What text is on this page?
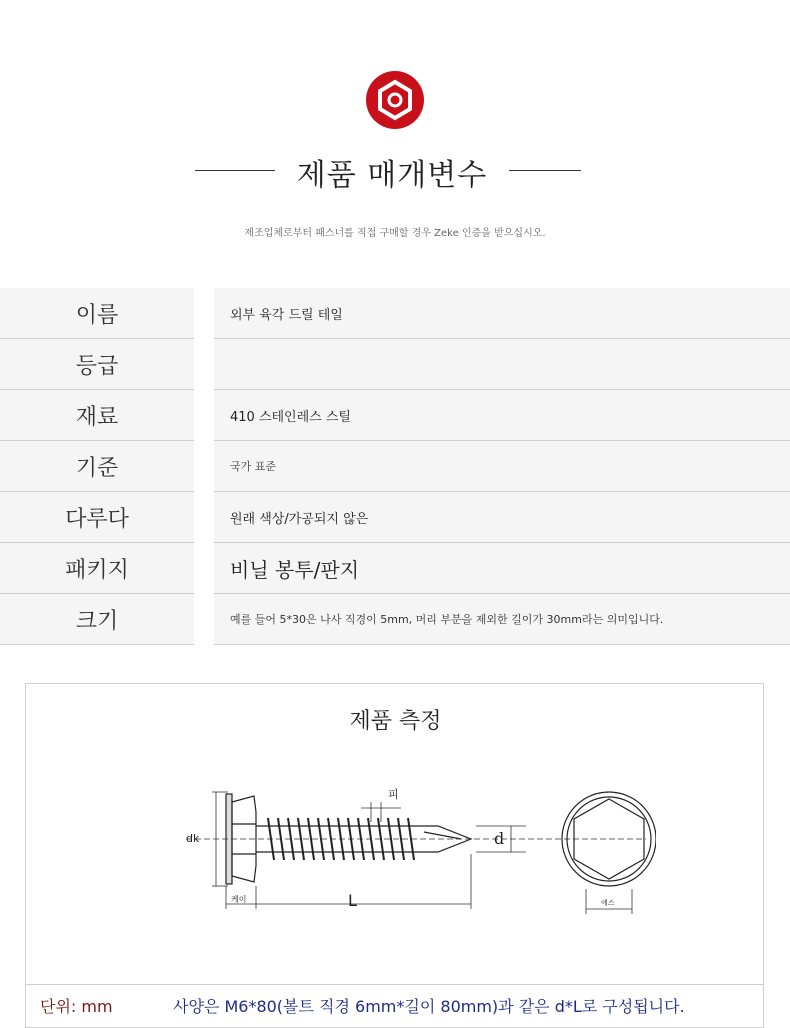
제품 매개변수
제조업체로부터 패스너를 직접 구매할 경우 Zeke 인증을 받으십시오.
이름	외부 육각 드릴 테일
등급	
재료	410 스테인레스 스틸
기준	국가 표준
다루다	원래 색상/가공되지 않은
패키지	비닐 봉투/판지
크기	예를 들어 5*30은 나사 직경이 5mm, 머리 부분을 제외한 길이가 30mm라는 의미입니다.
제품 측정
피
dk	d
케이	L	에스
단위: mm	사양은 M6*80(볼트 직경 6mm*길이 80mm)과 같은 d*L로 구성됩니다.
